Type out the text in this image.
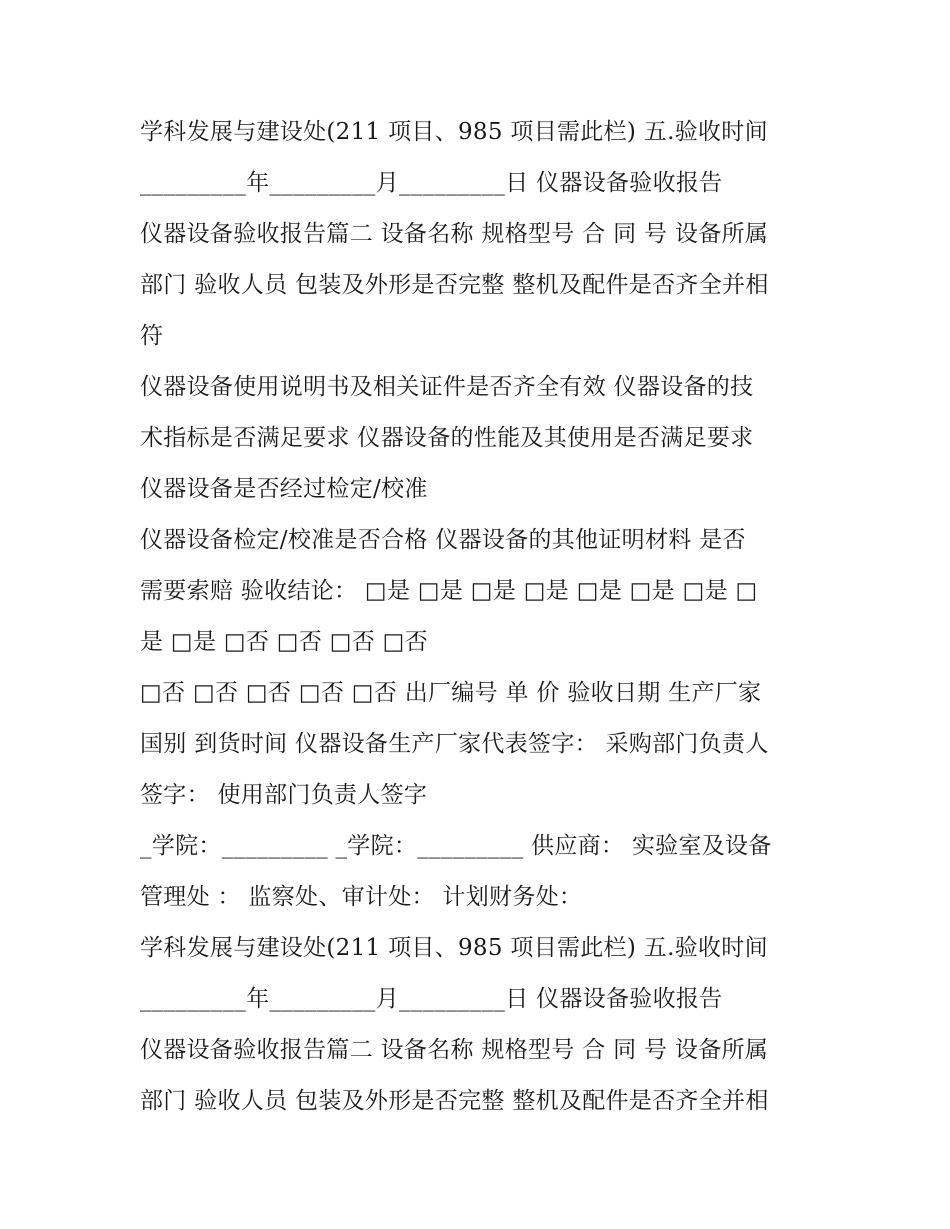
学科发展与建设处(211 项目、985 项目需此栏) 五.验收时间
_________年_________月_________日 仪器设备验收报告
仪器设备验收报告篇二 设备名称 规格型号 合 同 号 设备所属
部门 验收人员 包装及外形是否完整 整机及配件是否齐全并相
符
仪器设备使用说明书及相关证件是否齐全有效 仪器设备的技
术指标是否满足要求 仪器设备的性能及其使用是否满足要求
仪器设备是否经过检定/校准
仪器设备检定/校准是否合格 仪器设备的其他证明材料 是否
需要索赔 验收结论： □是 □是 □是 □是 □是 □是 □是 □
是 □是 □否 □否 □否 □否
□否 □否 □否 □否 □否 出厂编号 单 价 验收日期 生产厂家
国别 到货时间 仪器设备生产厂家代表签字： 采购部门负责人
签字： 使用部门负责人签字
_学院：_________ _学院：_________ 供应商： 实验室及设备
管理处 ： 监察处、审计处： 计划财务处：
学科发展与建设处(211 项目、985 项目需此栏) 五.验收时间
_________年_________月_________日 仪器设备验收报告
仪器设备验收报告篇二 设备名称 规格型号 合 同 号 设备所属
部门 验收人员 包装及外形是否完整 整机及配件是否齐全并相
